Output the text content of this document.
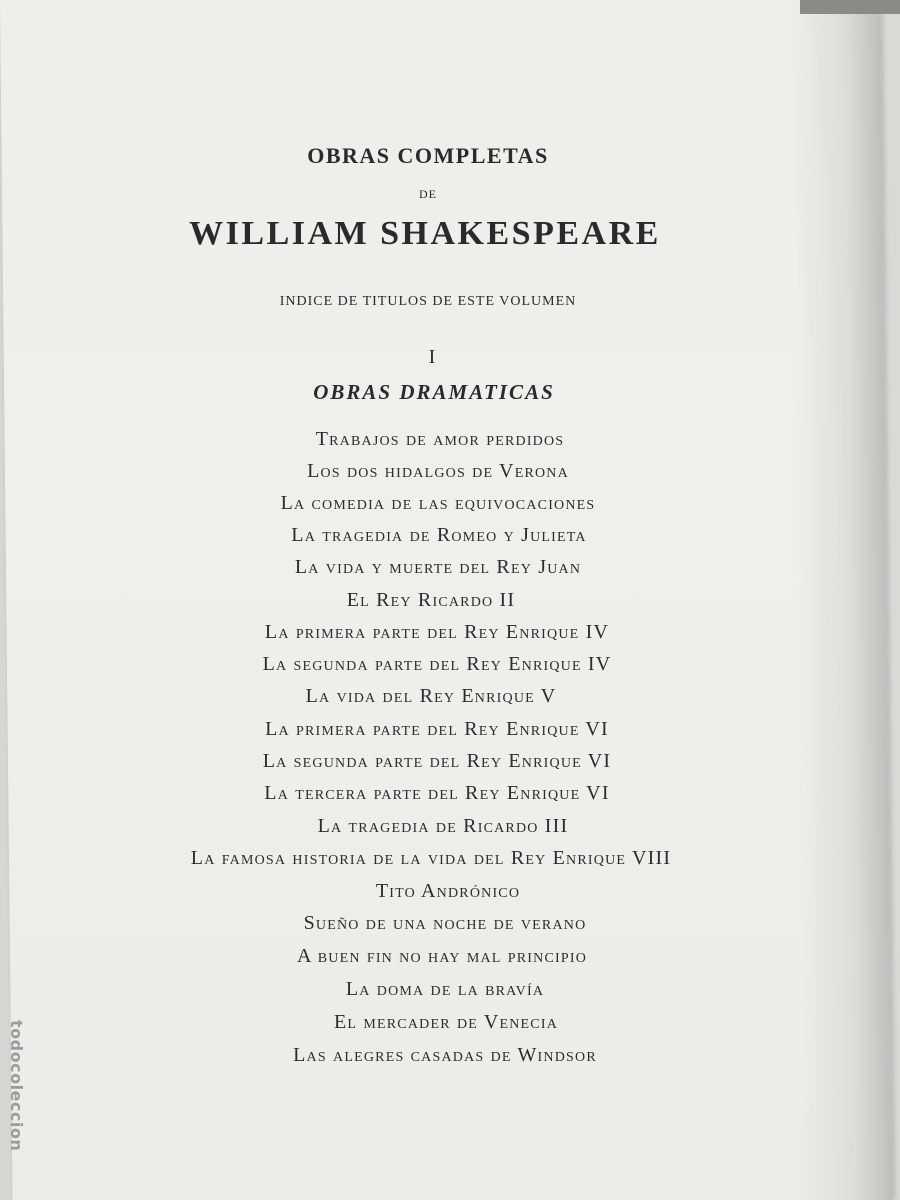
OBRAS COMPLETAS
DE
WILLIAM SHAKESPEARE
INDICE DE TITULOS DE ESTE VOLUMEN
I
OBRAS DRAMATICAS
Trabajos de amor perdidos
Los dos hidalgos de Verona
La comedia de las equivocaciones
La tragedia de Romeo y Julieta
La vida y muerte del Rey Juan
El Rey Ricardo II
La primera parte del Rey Enrique IV
La segunda parte del Rey Enrique IV
La vida del Rey Enrique V
La primera parte del Rey Enrique VI
La segunda parte del Rey Enrique VI
La tercera parte del Rey Enrique VI
La tragedia de Ricardo III
La famosa historia de la vida del Rey Enrique VIII
Tito Andrónico
Sueño de una noche de verano
A buen fin no hay mal principio
La doma de la bravía
El mercader de Venecia
Las alegres casadas de Windsor
todocoleccion
